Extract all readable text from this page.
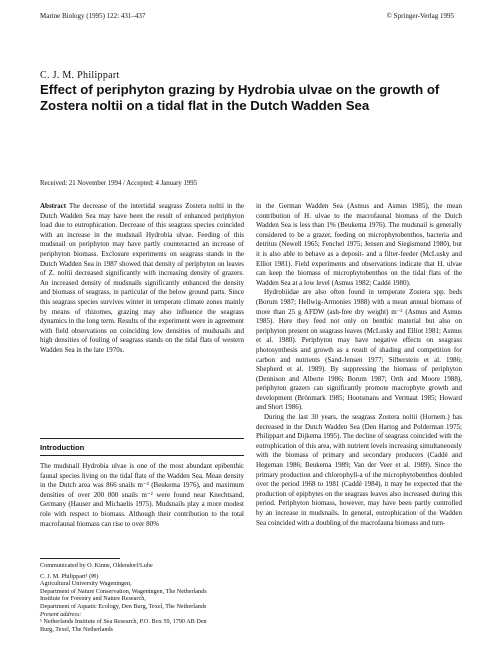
Marine Biology (1995) 122: 431–437	© Springer-Verlag 1995
C. J. M. Philippart
Effect of periphyton grazing by Hydrobia ulvae on the growth of
Zostera noltii on a tidal flat in the Dutch Wadden Sea
Received: 21 November 1994 / Accepted: 4 January 1995

Abstract The decrease of the intertidal seagrass Zostera noltii in the Dutch Wadden Sea may have been the result of enhanced periphyton load due to eutrophication. Decrease of this seagrass species coincided with an increase in the mudsnail Hydrobia ulvae. Feeding of this mudsnail on periphyton may have partly counteracted an increase of periphyton biomass. Exclosure experiments on seagrass stands in the Dutch Wadden Sea in 1987 showed that density of periphyton on leaves of Z. noltii decreased significantly with increasing density of grazers. An increased density of mudsnails significantly enhanced the density and biomass of seagrass, in particular of the below ground parts. Since this seagrass species survives winter in temperate climate zones mainly by means of rhizomes, grazing may also influence the seagrass dynamics in the long term. Results of the experiment were in agreement with field observations on coinciding low densities of mudsnails and high densities of fouling of seagrass stands on the tidal flats of western Wadden Sea in the late 1970s.

Introduction

The mudsnail Hydrobia ulvae is one of the most abundant epibenthic faunal species living on the tidal flats of the Wadden Sea. Mean density in the Dutch area was 866 snails m⁻² (Beukema 1976), and maximum densities of over 200 000 snails m⁻² were found near Knechtsand, Germany (Hauser and Michaelis 1975). Mudsnails play a more modest role with respect to biomass. Although their contribution to the total macrofaunal biomass can rise to over 80%

Communicated by O. Kinne, Oldendorf/Luhe
C. J. M. Philippart¹ (✉)
Agricultural University Wageningen,
Department of Nature Conservation, Wageningen, The Netherlands
Institute for Forestry and Nature Research,
Department of Aquatic Ecology, Den Burg, Texel, The Netherlands
Present address:
¹ Netherlands Institute of Sea Research, P.O. Box 59, 1790 AB Den
Burg, Texel, The Netherlands

in the German Wadden Sea (Asmus and Asmus 1985), the mean contribution of H. ulvae to the macrofaunal biomass of the Dutch Wadden Sea is less than 1% (Beukema 1976). The mudsnail is generally considered to be a grazer, feeding on microphytobenthos, bacteria and detritus (Newell 1965; Fenchel 1975; Jensen and Siegismund 1980), but it is also able to behave as a deposit- and a filter-feeder (McLusky and Elliot 1981). Field experiments and observations indicate that H. ulvae can keep the biomass of microphytobenthos on the tidal flats of the Wadden Sea at a low level (Asmus 1982; Caddé 1980).

Hydrobiidae are also often found in temperate Zostera spp. beds (Borum 1987; Hellwig-Armonies 1988) with a mean annual biomass of more than 25 g AFDW (ash-free dry weight) m⁻² (Asmus and Asmus 1985). Here they feed not only on benthic material but also on periphyton present on seagrass leaves (McLusky and Elliot 1981; Asmus et al. 1980). Periphyton may have negative effects on seagrass photosynthesis and growth as a result of shading and competition for carbon and nutrients (Sand-Jensen 1977; Silberstein et al. 1986; Shepherd et al. 1989). By suppressing the biomass of periphyton (Dennison and Alberte 1986; Borum 1987; Orth and Moore 1988), periphyton grazers can significantly promote macrophyte growth and development (Brönmark 1985; Hootsmans and Vermaat 1985; Howard and Short 1986).

During the last 30 years, the seagrass Zostera noltii (Hornem.) has decreased in the Dutch Wadden Sea (Den Hartog and Polderman 1975; Philippart and Dijkema 1995). The decline of seagrass coincided with the eutrophication of this area, with nutrient levels increasing simultaneously with the biomass of primary and secondary producers (Caddé and Hegeman 1986; Beukema 1989; Van der Veer et al. 1989). Since the primary production and chlorophyll-a of the microphytobenthos doubled over the period 1968 to 1981 (Caddé 1984), it may be expected that the production of epiphytes on the seagrass leaves also increased during this period. Periphyton biomass, however, may have been partly controlled by an increase in mudsnails. In general, eutrophication of the Wadden Sea coincided with a doubling of the macrofauna biomass and turn-
